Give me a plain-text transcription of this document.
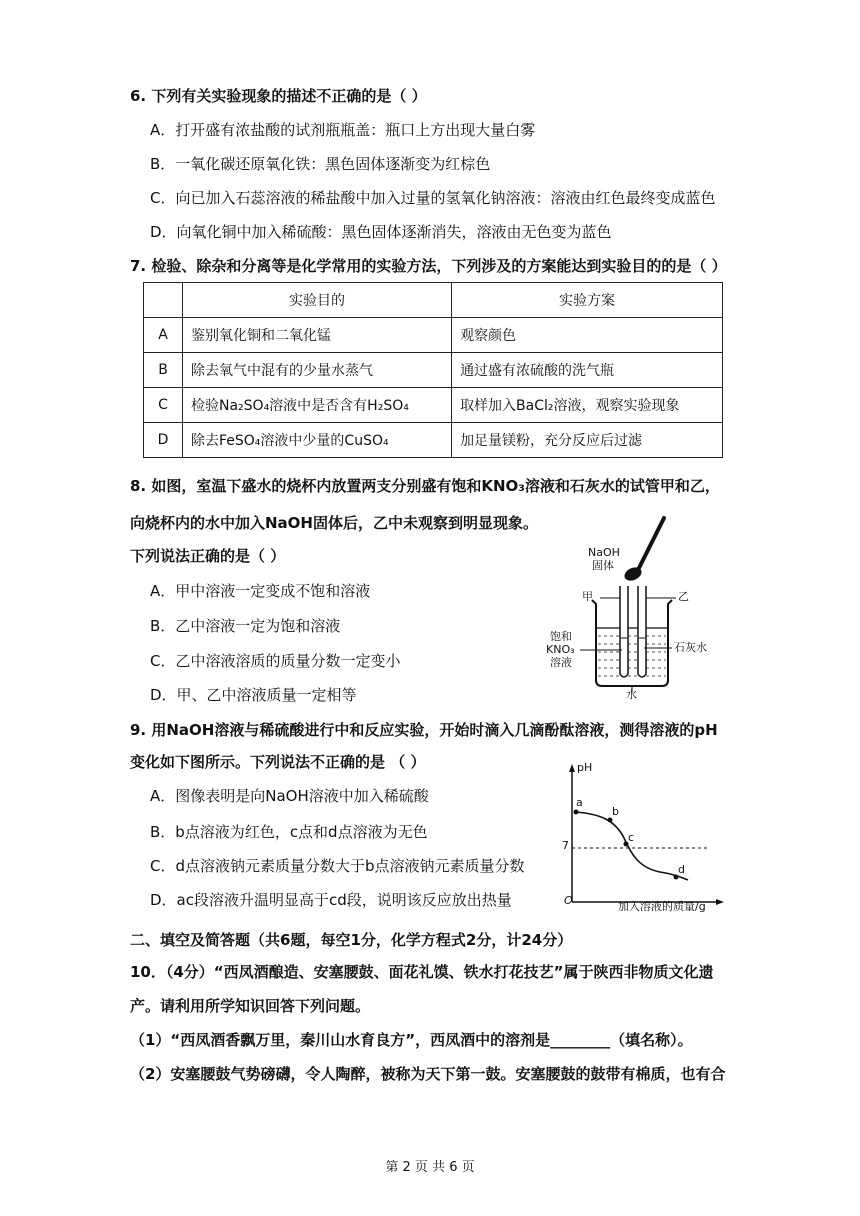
6. 下列有关实验现象的描述不正确的是（ ）
A．打开盛有浓盐酸的试剂瓶瓶盖：瓶口上方出现大量白雾
B．一氧化碳还原氧化铁：黑色固体逐渐变为红棕色
C．向已加入石蕊溶液的稀盐酸中加入过量的氢氧化钠溶液：溶液由红色最终变成蓝色
D．向氧化铜中加入稀硫酸：黑色固体逐渐消失，溶液由无色变为蓝色
7. 检验、除杂和分离等是化学常用的实验方法，下列涉及的方案能达到实验目的的是（ ）
	实验目的	实验方案
A	鉴别氧化铜和二氧化锰	观察颜色
B	除去氧气中混有的少量水蒸气	通过盛有浓硫酸的洗气瓶
C	检验Na₂SO₄溶液中是否含有H₂SO₄	取样加入BaCl₂溶液，观察实验现象
D	除去FeSO₄溶液中少量的CuSO₄	加足量镁粉，充分反应后过滤
8. 如图，室温下盛水的烧杯内放置两支分别盛有饱和KNO₃溶液和石灰水的试管甲和乙，
向烧杯内的水中加入NaOH固体后，乙中未观察到明显现象。
下列说法正确的是（ ）
A．甲中溶液一定变成不饱和溶液
B．乙中溶液一定为饱和溶液
C．乙中溶液溶质的质量分数一定变小
D．甲、乙中溶液质量一定相等
NaOH
固体
甲	乙
饱和
KNO₃
溶液
石灰水
水
9. 用NaOH溶液与稀硫酸进行中和反应实验，开始时滴入几滴酚酞溶液，测得溶液的pH
变化如下图所示。下列说法不正确的是 （ ）
A．图像表明是向NaOH溶液中加入稀硫酸
B．b点溶液为红色，c点和d点溶液为无色
C．d点溶液钠元素质量分数大于b点溶液钠元素质量分数
D．ac段溶液升温明显高于cd段，说明该反应放出热量
pH
7
O	加入溶液的质量/g
a
b
c
d
二、填空及简答题（共6题，每空1分，化学方程式2分，计24分）
10．（4分）“西凤酒酿造、安塞腰鼓、面花礼馍、铁水打花技艺”属于陕西非物质文化遗
产。请利用所学知识回答下列问题。
（1）“西凤酒香飘万里，秦川山水育良方”，西凤酒中的溶剂是________（填名称）。
（2）安塞腰鼓气势磅礴，令人陶醉，被称为天下第一鼓。安塞腰鼓的鼓带有棉质，也有合
第 2 页 共 6 页
